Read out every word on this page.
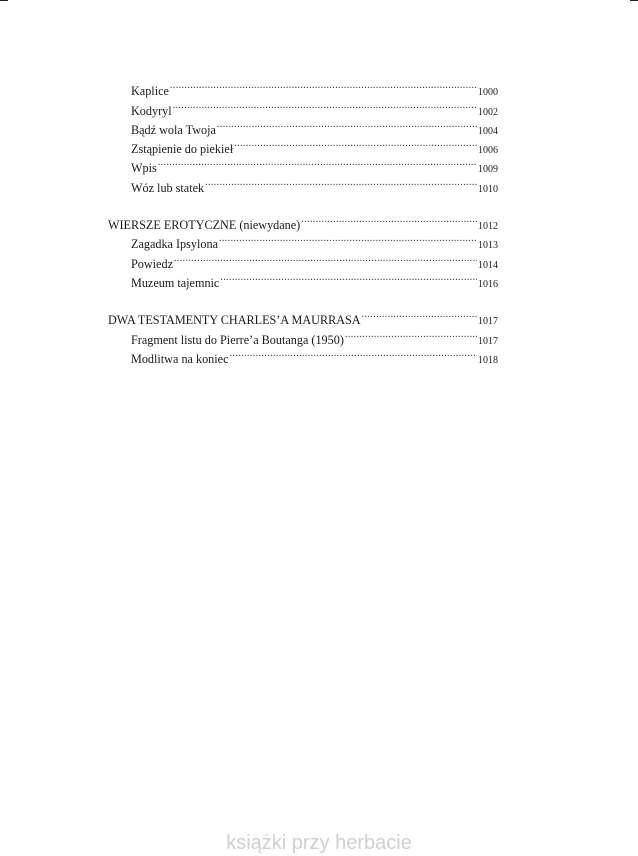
Kaplice .....	1000
Kodyryl .....	1002
Bądź wola Twoja .....	1004
Zstąpienie do piekieł .....	1006
Wpis .....	1009
Wóz lub statek .....	1010
WIERSZE EROTYCZNE (niewydane) .....	1012
Zagadka Ipsylona .....	1013
Powiedz .....	1014
Muzeum tajemnic .....	1016
DWA TESTAMENTY CHARLES’A MAURRASA .....	1017
Fragment listu do Pierre’a Boutanga (1950) .....	1017
Modlitwa na koniec .....	1018
książki przy herbacie
